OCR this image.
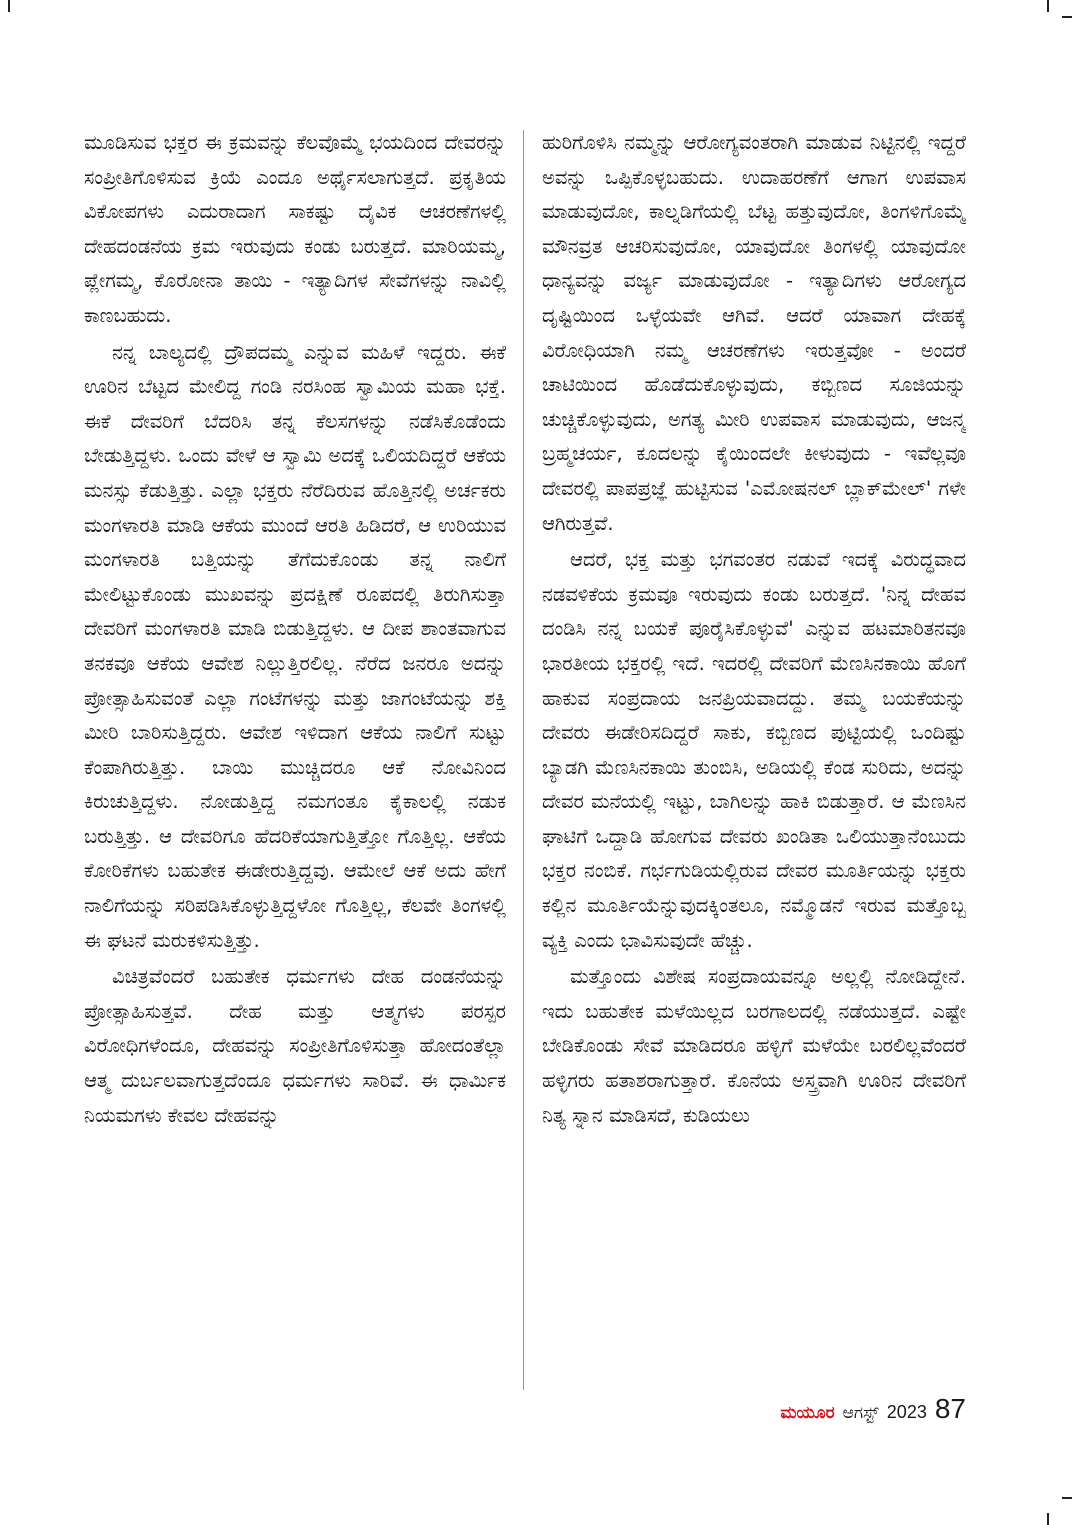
ಮೂಡಿಸುವ ಭಕ್ತರ ಈ ಕ್ರಮವನ್ನು ಕೆಲವೊಮ್ಮೆ ಭಯದಿಂದ ದೇವರನ್ನು ಸಂಪ್ರೀತಿಗೊಳಿಸುವ ಕ್ರಿಯೆ ಎಂದೂ ಅರ್ಥೈಸಲಾಗುತ್ತದೆ. ಪ್ರಕೃತಿಯ ವಿಕೋಪಗಳು ಎದುರಾದಾಗ ಸಾಕಷ್ಟು ದೈವಿಕ ಆಚರಣೆಗಳಲ್ಲಿ ದೇಹದಂಡನೆಯ ಕ್ರಮ ಇರುವುದು ಕಂಡು ಬರುತ್ತದೆ. ಮಾರಿಯಮ್ಮ, ಪ್ಲೇಗಮ್ಮ, ಕೊರೋನಾ ತಾಯಿ - ಇತ್ಯಾದಿಗಳ ಸೇವೆಗಳನ್ನು ನಾವಿಲ್ಲಿ ಕಾಣಬಹುದು.

ನನ್ನ ಬಾಲ್ಯದಲ್ಲಿ ದ್ರೌಪದಮ್ಮ ಎನ್ನುವ ಮಹಿಳೆ ಇದ್ದರು. ಈಕೆ ಊರಿನ ಬೆಟ್ಟದ ಮೇಲಿದ್ದ ಗಂಡಿ ನರಸಿಂಹ ಸ್ವಾಮಿಯ ಮಹಾ ಭಕ್ತೆ. ಈಕೆ ದೇವರಿಗೆ ಬೆದರಿಸಿ ತನ್ನ ಕೆಲಸಗಳನ್ನು ನಡೆಸಿಕೊಡೆಂದು ಬೇಡುತ್ತಿದ್ದಳು. ಒಂದು ವೇಳೆ ಆ ಸ್ವಾಮಿ ಅದಕ್ಕೆ ಒಲಿಯದಿದ್ದರೆ ಆಕೆಯ ಮನಸ್ಸು ಕೆಡುತ್ತಿತ್ತು. ಎಲ್ಲಾ ಭಕ್ತರು ನೆರೆದಿರುವ ಹೊತ್ತಿನಲ್ಲಿ ಅರ್ಚಕರು ಮಂಗಳಾರತಿ ಮಾಡಿ ಆಕೆಯ ಮುಂದೆ ಆರತಿ ಹಿಡಿದರೆ, ಆ ಉರಿಯುವ ಮಂಗಳಾರತಿ ಬತ್ತಿಯನ್ನು ತೆಗೆದುಕೊಂಡು ತನ್ನ ನಾಲಿಗೆ ಮೇಲಿಟ್ಟುಕೊಂಡು ಮುಖವನ್ನು ಪ್ರದಕ್ಷಿಣೆ ರೂಪದಲ್ಲಿ ತಿರುಗಿಸುತ್ತಾ ದೇವರಿಗೆ ಮಂಗಳಾರತಿ ಮಾಡಿ ಬಿಡುತ್ತಿದ್ದಳು. ಆ ದೀಪ ಶಾಂತವಾಗುವ ತನಕವೂ ಆಕೆಯ ಆವೇಶ ನಿಲ್ಲುತ್ತಿರಲಿಲ್ಲ. ನೆರೆದ ಜನರೂ ಅದನ್ನು ಪ್ರೋತ್ಸಾಹಿಸುವಂತೆ ಎಲ್ಲಾ ಗಂಟೆಗಳನ್ನು ಮತ್ತು ಜಾಗಂಟೆಯನ್ನು ಶಕ್ತಿ ಮೀರಿ ಬಾರಿಸುತ್ತಿದ್ದರು. ಆವೇಶ ಇಳಿದಾಗ ಆಕೆಯ ನಾಲಿಗೆ ಸುಟ್ಟು ಕೆಂಪಾಗಿರುತ್ತಿತ್ತು. ಬಾಯಿ ಮುಚ್ಚಿದರೂ ಆಕೆ ನೋವಿನಿಂದ ಕಿರುಚುತ್ತಿದ್ದಳು. ನೋಡುತ್ತಿದ್ದ ನಮಗಂತೂ ಕೈಕಾಲಲ್ಲಿ ನಡುಕ ಬರುತ್ತಿತ್ತು. ಆ ದೇವರಿಗೂ ಹೆದರಿಕೆಯಾಗುತ್ತಿತ್ತೋ ಗೊತ್ತಿಲ್ಲ. ಆಕೆಯ ಕೋರಿಕೆಗಳು ಬಹುತೇಕ ಈಡೇರುತ್ತಿದ್ದವು. ಆಮೇಲೆ ಆಕೆ ಅದು ಹೇಗೆ ನಾಲಿಗೆಯನ್ನು ಸರಿಪಡಿಸಿಕೊಳ್ಳುತ್ತಿದ್ದಳೋ ಗೊತ್ತಿಲ್ಲ, ಕೆಲವೇ ತಿಂಗಳಲ್ಲಿ ಈ ಘಟನೆ ಮರುಕಳಿಸುತ್ತಿತ್ತು.

ವಿಚಿತ್ರವೆಂದರೆ ಬಹುತೇಕ ಧರ್ಮಗಳು ದೇಹ ದಂಡನೆಯನ್ನು ಪ್ರೋತ್ಸಾಹಿಸುತ್ತವೆ. ದೇಹ ಮತ್ತು ಆತ್ಮಗಳು ಪರಸ್ಪರ ವಿರೋಧಿಗಳೆಂದೂ, ದೇಹವನ್ನು ಸಂಪ್ರೀತಿಗೊಳಿಸುತ್ತಾ ಹೋದಂತೆಲ್ಲಾ ಆತ್ಮ ದುರ್ಬಲವಾಗುತ್ತದೆಂದೂ ಧರ್ಮಗಳು ಸಾರಿವೆ. ಈ ಧಾರ್ಮಿಕ ನಿಯಮಗಳು ಕೇವಲ ದೇಹವನ್ನು

ಹುರಿಗೊಳಿಸಿ ನಮ್ಮನ್ನು ಆರೋಗ್ಯವಂತರಾಗಿ ಮಾಡುವ ನಿಟ್ಟಿನಲ್ಲಿ ಇದ್ದರೆ ಅವನ್ನು ಒಪ್ಪಿಕೊಳ್ಳಬಹುದು. ಉದಾಹರಣೆಗೆ ಆಗಾಗ ಉಪವಾಸ ಮಾಡುವುದೋ, ಕಾಲ್ನಡಿಗೆಯಲ್ಲಿ ಬೆಟ್ಟ ಹತ್ತುವುದೋ, ತಿಂಗಳಿಗೊಮ್ಮೆ ಮೌನವ್ರತ ಆಚರಿಸುವುದೋ, ಯಾವುದೋ ತಿಂಗಳಲ್ಲಿ ಯಾವುದೋ ಧಾನ್ಯವನ್ನು ವರ್ಜ್ಯ ಮಾಡುವುದೋ - ಇತ್ಯಾದಿಗಳು ಆರೋಗ್ಯದ ದೃಷ್ಟಿಯಿಂದ ಒಳ್ಳೆಯವೇ ಆಗಿವೆ. ಆದರೆ ಯಾವಾಗ ದೇಹಕ್ಕೆ ವಿರೋಧಿಯಾಗಿ ನಮ್ಮ ಆಚರಣೆಗಳು ಇರುತ್ತವೋ - ಅಂದರೆ ಚಾಟಿಯಿಂದ ಹೊಡೆದುಕೊಳ್ಳುವುದು, ಕಬ್ಬಿಣದ ಸೂಜಿಯನ್ನು ಚುಚ್ಚಿಕೊಳ್ಳುವುದು, ಅಗತ್ಯ ಮೀರಿ ಉಪವಾಸ ಮಾಡುವುದು, ಆಜನ್ಮ ಬ್ರಹ್ಮಚರ್ಯ, ಕೂದಲನ್ನು ಕೈಯಿಂದಲೇ ಕೀಳುವುದು - ಇವೆಲ್ಲವೂ ದೇವರಲ್ಲಿ ಪಾಪಪ್ರಜ್ಞೆ ಹುಟ್ಟಿಸುವ 'ಎಮೋಷನಲ್ ಬ್ಲಾಕ್‌ಮೇಲ್' ಗಳೇ ಆಗಿರುತ್ತವೆ.

ಆದರೆ, ಭಕ್ತ ಮತ್ತು ಭಗವಂತರ ನಡುವೆ ಇದಕ್ಕೆ ವಿರುದ್ಧವಾದ ನಡವಳಿಕೆಯ ಕ್ರಮವೂ ಇರುವುದು ಕಂಡು ಬರುತ್ತದೆ. 'ನಿನ್ನ ದೇಹವ ದಂಡಿಸಿ ನನ್ನ ಬಯಕೆ ಪೂರೈಸಿಕೊಳ್ಳುವೆ' ಎನ್ನುವ ಹಟಮಾರಿತನವೂ ಭಾರತೀಯ ಭಕ್ತರಲ್ಲಿ ಇದೆ. ಇದರಲ್ಲಿ ದೇವರಿಗೆ ಮೆಣಸಿನಕಾಯಿ ಹೊಗೆ ಹಾಕುವ ಸಂಪ್ರದಾಯ ಜನಪ್ರಿಯವಾದದ್ದು. ತಮ್ಮ ಬಯಕೆಯನ್ನು ದೇವರು ಈಡೇರಿಸದಿದ್ದರೆ ಸಾಕು, ಕಬ್ಬಿಣದ ಪುಟ್ಟಿಯಲ್ಲಿ ಒಂದಿಷ್ಟು ಬ್ಯಾಡಗಿ ಮೆಣಸಿನಕಾಯಿ ತುಂಬಿಸಿ, ಅಡಿಯಲ್ಲಿ ಕೆಂಡ ಸುರಿದು, ಅದನ್ನು ದೇವರ ಮನೆಯಲ್ಲಿ ಇಟ್ಟು, ಬಾಗಿಲನ್ನು ಹಾಕಿ ಬಿಡುತ್ತಾರೆ. ಆ ಮೆಣಸಿನ ಘಾಟಿಗೆ ಒದ್ದಾಡಿ ಹೋಗುವ ದೇವರು ಖಂಡಿತಾ ಒಲಿಯುತ್ತಾನೆಂಬುದು ಭಕ್ತರ ನಂಬಿಕೆ. ಗರ್ಭಗುಡಿಯಲ್ಲಿರುವ ದೇವರ ಮೂರ್ತಿಯನ್ನು ಭಕ್ತರು ಕಲ್ಲಿನ ಮೂರ್ತಿಯೆನ್ನುವುದಕ್ಕಿಂತಲೂ, ನಮ್ಮೊಡನೆ ಇರುವ ಮತ್ತೊಬ್ಬ ವ್ಯಕ್ತಿ ಎಂದು ಭಾವಿಸುವುದೇ ಹೆಚ್ಚು.

ಮತ್ತೊಂದು ವಿಶೇಷ ಸಂಪ್ರದಾಯವನ್ನೂ ಅಲ್ಲಲ್ಲಿ ನೋಡಿದ್ದೇನೆ. ಇದು ಬಹುತೇಕ ಮಳೆಯಿಲ್ಲದ ಬರಗಾಲದಲ್ಲಿ ನಡೆಯುತ್ತದೆ. ಎಷ್ಟೇ ಬೇಡಿಕೊಂಡು ಸೇವೆ ಮಾಡಿದರೂ ಹಳ್ಳಿಗೆ ಮಳೆಯೇ ಬರಲಿಲ್ಲವೆಂದರೆ ಹಳ್ಳಿಗರು ಹತಾಶರಾಗುತ್ತಾರೆ. ಕೊನೆಯ ಅಸ್ತ್ರವಾಗಿ ಊರಿನ ದೇವರಿಗೆ ನಿತ್ಯ ಸ್ನಾನ ಮಾಡಿಸದೆ, ಕುಡಿಯಲು

ಮಯೂರ ಆಗಸ್ಟ್ 2023 87
